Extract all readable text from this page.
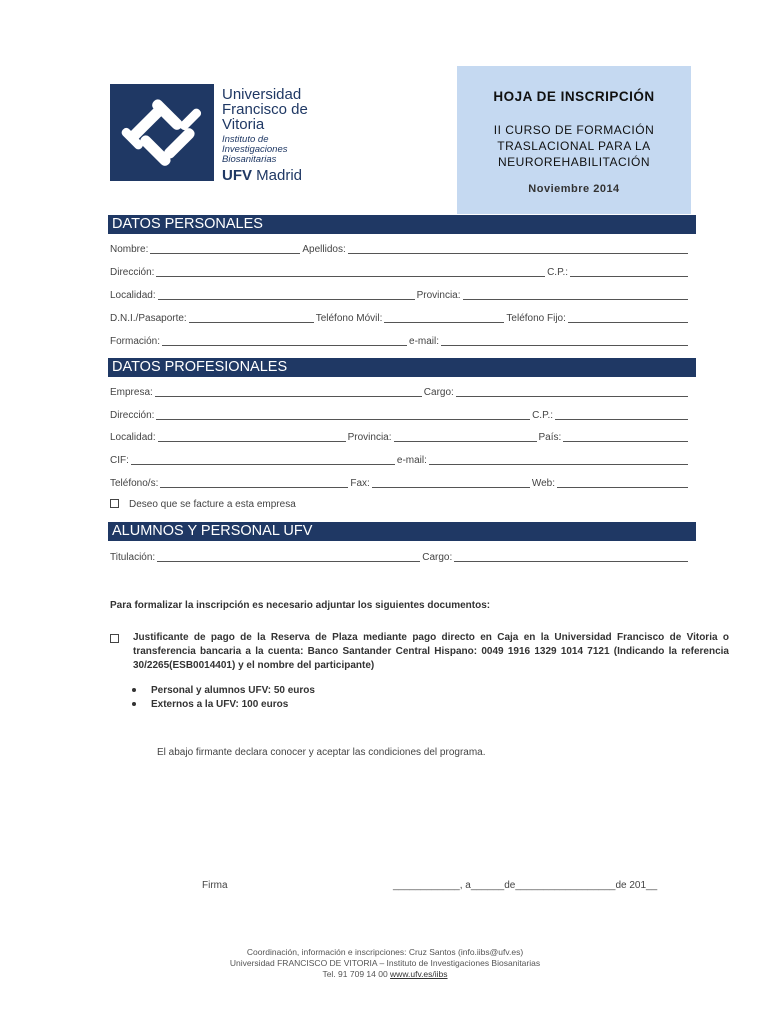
Universidad
Francisco de
Vitoria
Instituto de
Investigaciones
Biosanitarias
UFV Madrid
HOJA DE INSCRIPCIÓN
II CURSO DE FORMACIÓN
TRASLACIONAL PARA LA
NEUROREHABILITACIÓN
Noviembre 2014
DATOS PERSONALES
Nombre:	Apellidos:
Dirección:	C.P.:
Localidad:	Provincia:
D.N.I./Pasaporte:	Teléfono Móvil:	Teléfono Fijo:
Formación:	e-mail:
DATOS PROFESIONALES
Empresa:	Cargo:
Dirección:	C.P.:
Localidad:	Provincia:	País:
CIF:	e-mail:
Teléfono/s:	Fax:	Web:
Deseo que se facture a esta empresa
ALUMNOS Y PERSONAL UFV
Titulación:	Cargo:
Para formalizar la inscripción es necesario adjuntar los siguientes documentos:
Justificante de pago de la Reserva de Plaza mediante pago directo en Caja en la Universidad Francisco de Vitoria o transferencia bancaria a la cuenta: Banco Santander Central Hispano: 0049 1916 1329 1014 7121 (Indicando la referencia 30/2265(ESB0014401) y el nombre del participante)
Personal y alumnos UFV: 50 euros
Externos a la UFV: 100 euros
El abajo firmante declara conocer y aceptar las condiciones del programa.
Firma	____________, a______de__________________de 201__
Coordinación, información e inscripciones: Cruz Santos (info.iibs@ufv.es)
Universidad FRANCISCO DE VITORIA – Instituto de Investigaciones Biosanitarias
Tel. 91 709 14 00 www.ufv.es/iibs
